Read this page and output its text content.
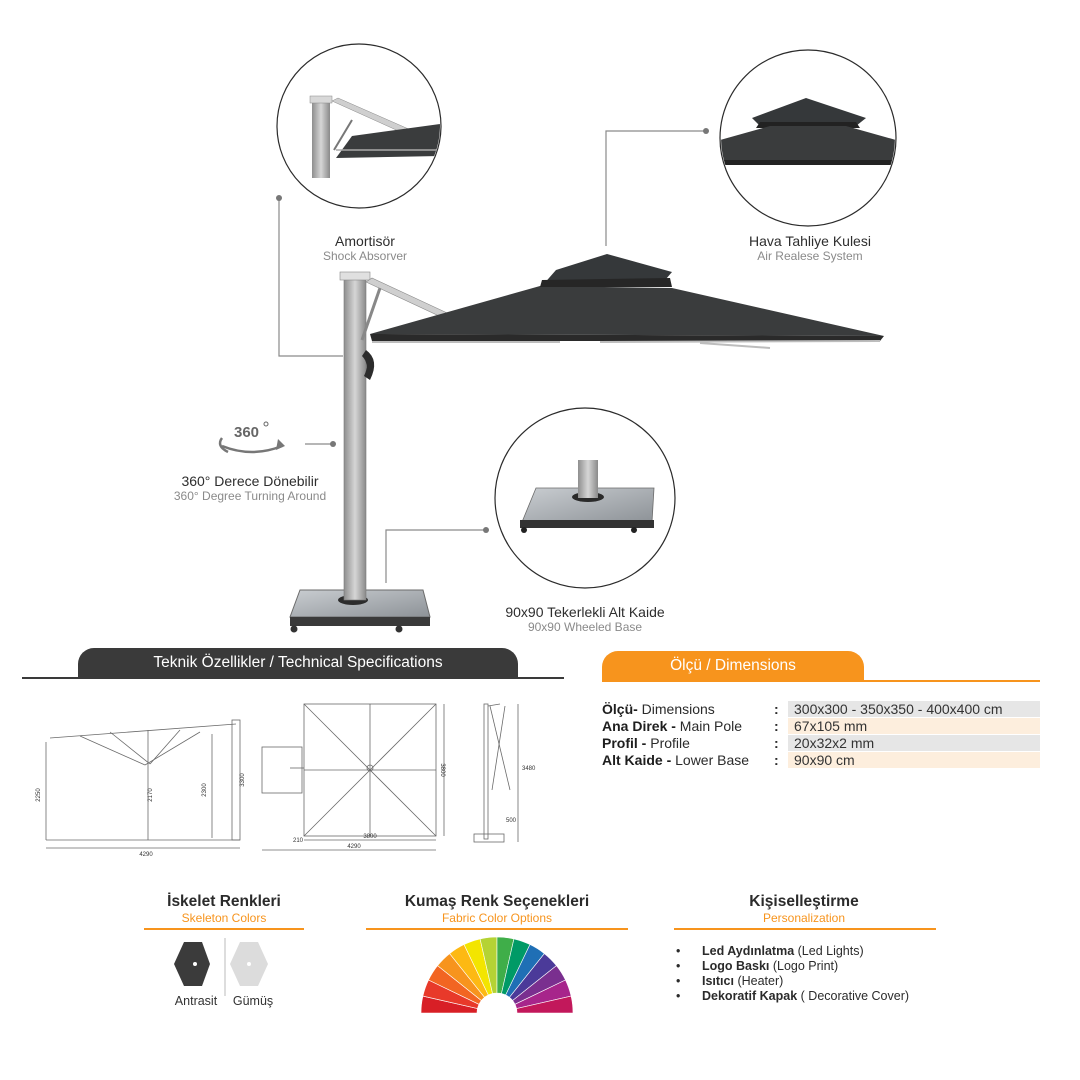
360
Amortisör
Shock Absorver
Hava Tahliye Kulesi
Air Realese System
360° Derece Dönebilir
360° Degree Turning Around
90x90 Tekerlekli Alt Kaide
90x90 Wheeled Base
Teknik Özellikler / Technical Specifications	Ölçü / Dimensions
Ölçü- Dimensions	:	300x300 - 350x350 - 400x400 cm
Ana Direk - Main Pole	:	67x105 mm
Profil - Profile	:	20x32x2 mm
Alt Kaide - Lower Base	:	90x90 cm
4290
2250	2170	2300
3300
3800
4290
210
3800	3480
500
İskelet Renkleri
Skeleton Colors
Antrasit Gümüş
Kumaş Renk Seçenekleri
Fabric Color Options
Kişiselleştirme
Personalization
• Led Aydınlatma (Led Lights)
• Logo Baskı (Logo Print)
• Isıtıcı (Heater)
• Dekoratif Kapak ( Decorative Cover)
